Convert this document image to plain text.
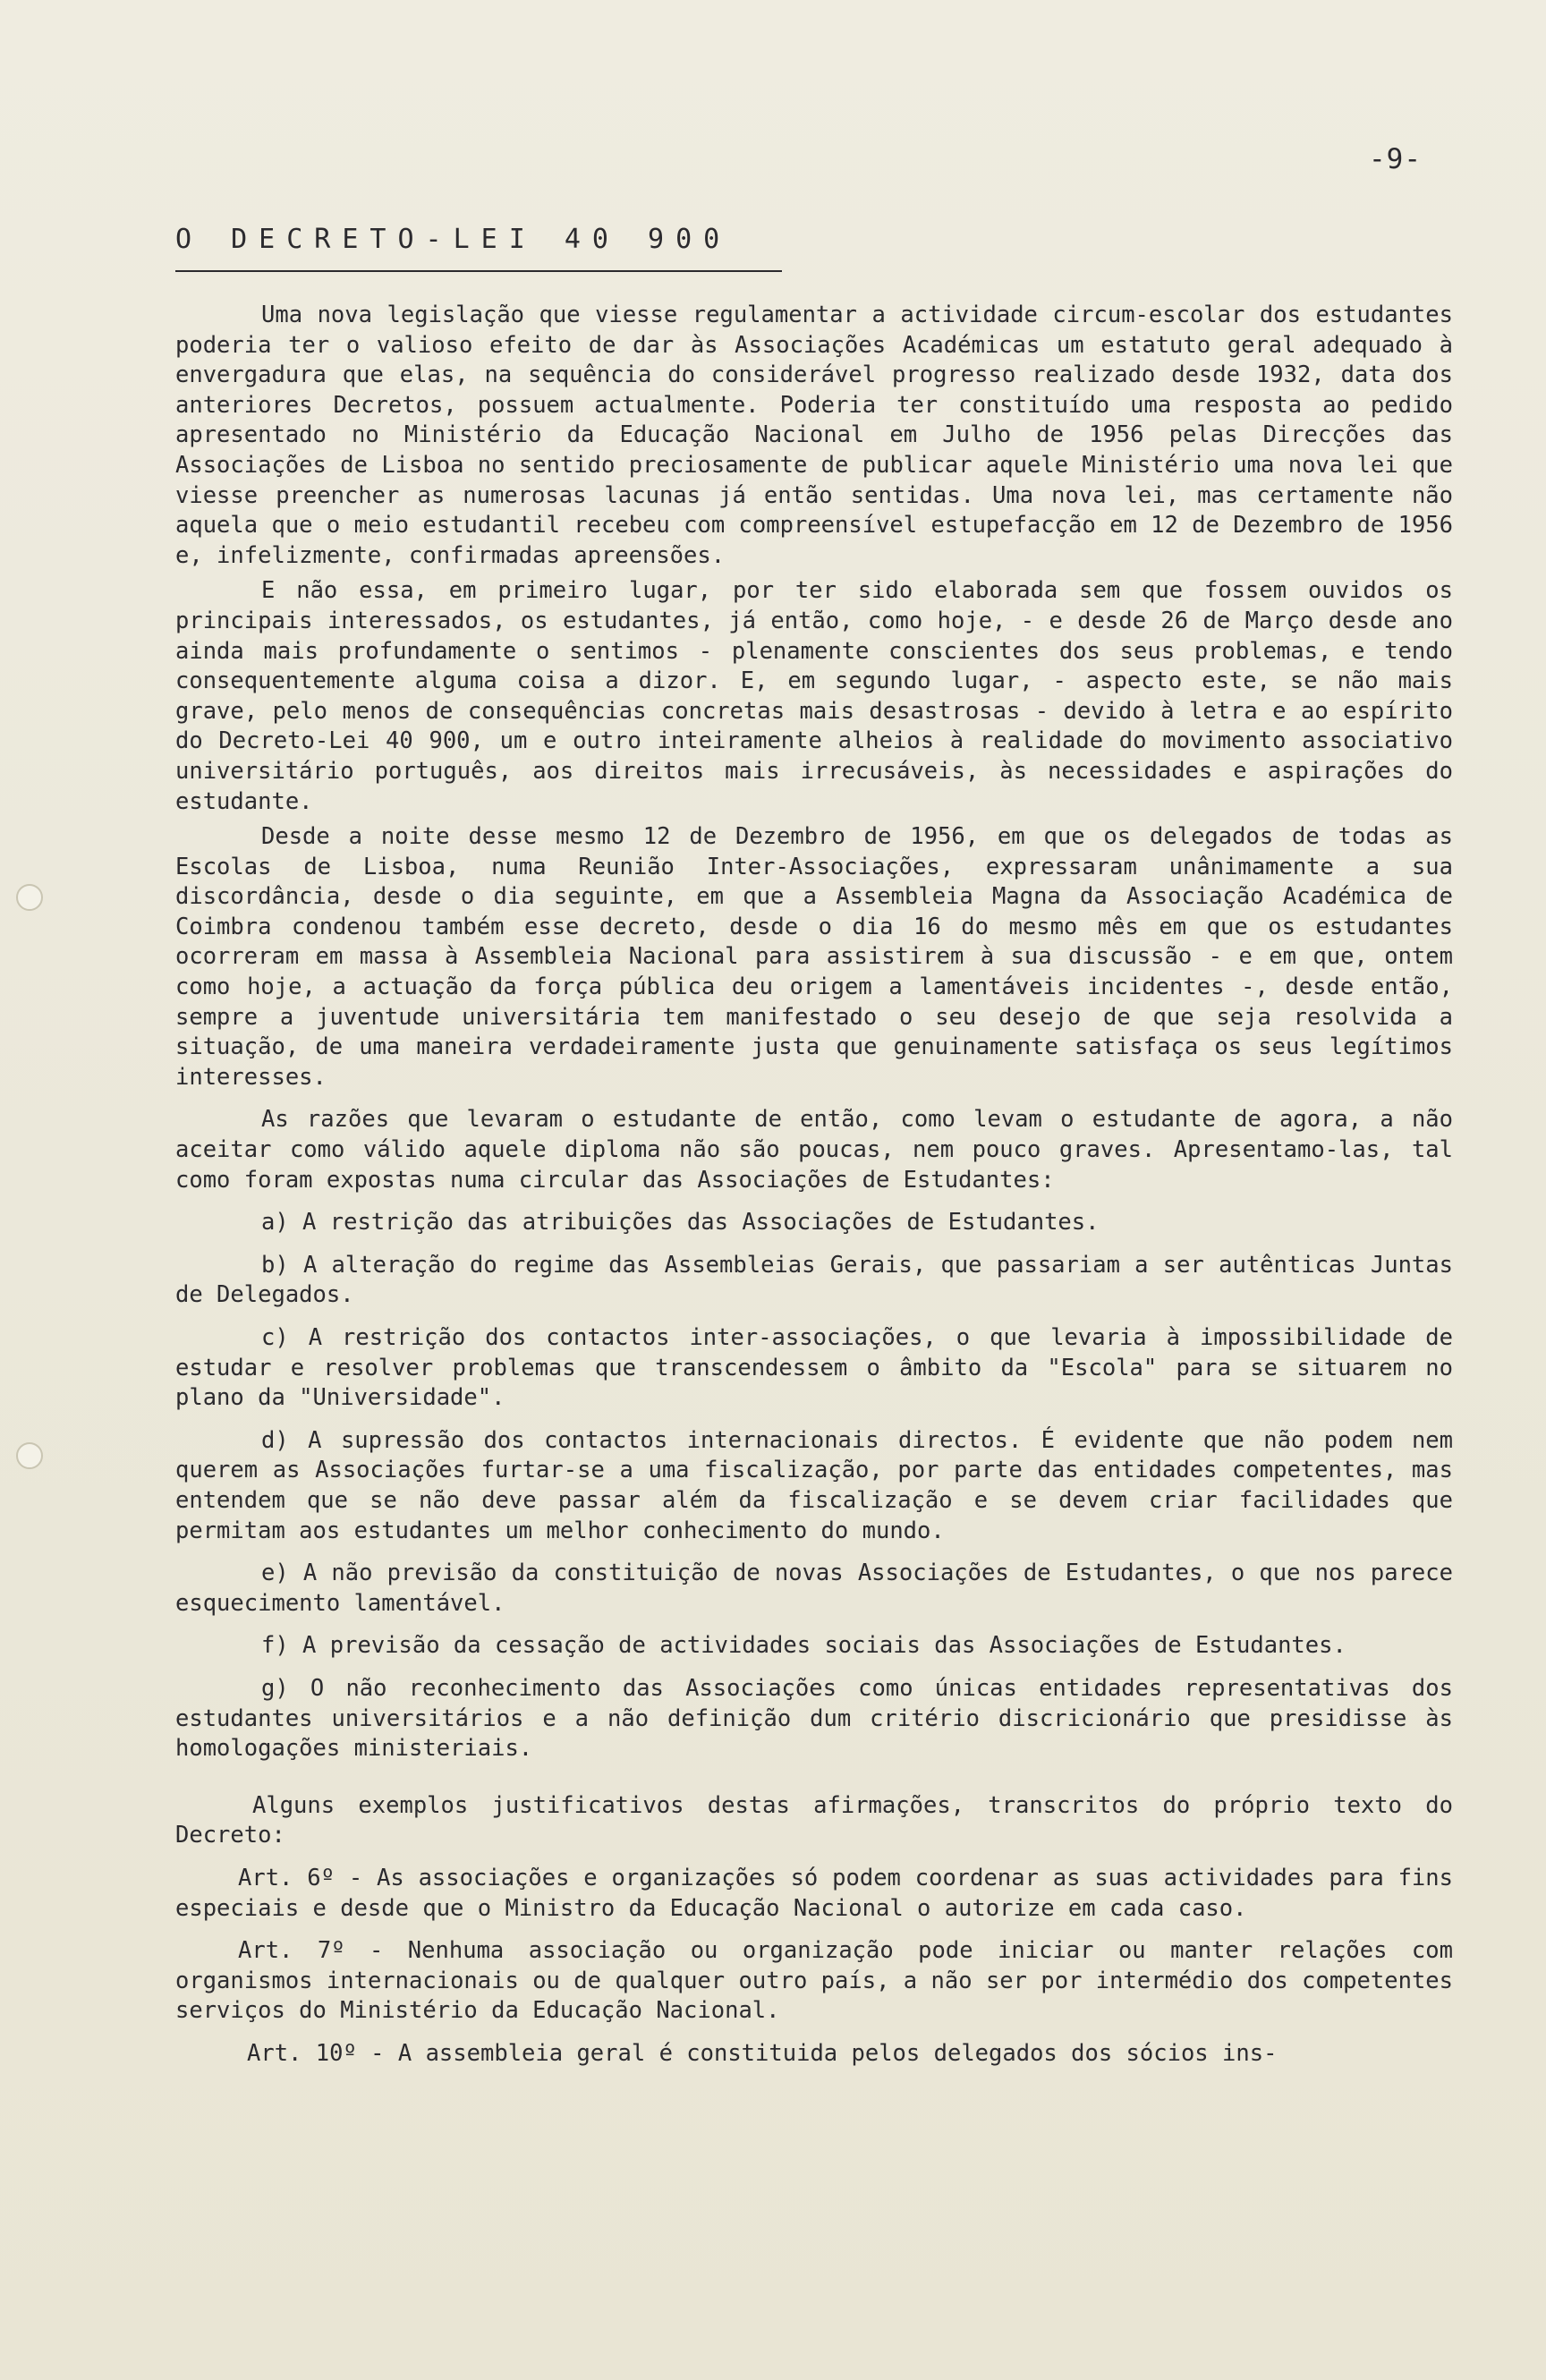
-9-
O DECRETO-LEI 40 900

Uma nova legislação que viesse regulamentar a actividade circum-escolar dos estudantes poderia ter o valioso efeito de dar às Associações Académicas um estatuto geral adequado à envergadura que elas, na sequência do considerável progresso realizado desde 1932, data dos anteriores Decretos, possuem actualmente. Poderia ter constituído uma resposta ao pedido apresentado no Ministério da Educação Nacional em Julho de 1956 pelas Direcções das Associações de Lisboa no sentido preciosamente de publicar aquele Ministério uma nova lei que viesse preencher as numerosas lacunas já então sentidas. Uma nova lei, mas certamente não aquela que o meio estudantil recebeu com compreensível estupefacção em 12 de Dezembro de 1956 e, infelizmente, confirmadas apreensões.

E não essa, em primeiro lugar, por ter sido elaborada sem que fossem ouvidos os principais interessados, os estudantes, já então, como hoje, - e desde 26 de Março desde ano ainda mais profundamente o sentimos - plenamente conscientes dos seus problemas, e tendo consequentemente alguma coisa a dizor. E, em segundo lugar, - aspecto este, se não mais grave, pelo menos de consequências concretas mais desastrosas - devido à letra e ao espírito do Decreto-Lei 40 900, um e outro inteiramente alheios à realidade do movimento associativo universitário português, aos direitos mais irrecusáveis, às necessidades e aspirações do estudante.

Desde a noite desse mesmo 12 de Dezembro de 1956, em que os delegados de todas as Escolas de Lisboa, numa Reunião Inter-Associações, expressaram unânimamente a sua discordância, desde o dia seguinte, em que a Assembleia Magna da Associação Académica de Coimbra condenou também esse decreto, desde o dia 16 do mesmo mês em que os estudantes ocorreram em massa à Assembleia Nacional para assistirem à sua discussão - e em que, ontem como hoje, a actuação da força pública deu origem a lamentáveis incidentes -, desde então, sempre a juventude universitária tem manifestado o seu desejo de que seja resolvida a situação, de uma maneira verdadeiramente justa que genuinamente satisfaça os seus legítimos interesses.

As razões que levaram o estudante de então, como levam o estudante de agora, a não aceitar como válido aquele diploma não são poucas, nem pouco graves. Apresentamo-las, tal como foram expostas numa circular das Associações de Estudantes:

a) A restrição das atribuições das Associações de Estudantes.

b) A alteração do regime das Assembleias Gerais, que passariam a ser autênticas Juntas de Delegados.

c) A restrição dos contactos inter-associações, o que levaria à impossibilidade de estudar e resolver problemas que transcendessem o âmbito da "Escola" para se situarem no plano da "Universidade".

d) A supressão dos contactos internacionais directos. É evidente que não podem nem querem as Associações furtar-se a uma fiscalização, por parte das entidades competentes, mas entendem que se não deve passar além da fiscalização e se devem criar facilidades que permitam aos estudantes um melhor conhecimento do mundo.

e) A não previsão da constituição de novas Associações de Estudantes, o que nos parece esquecimento lamentável.

f) A previsão da cessação de actividades sociais das Associações de Estudantes.

g) O não reconhecimento das Associações como únicas entidades representativas dos estudantes universitários e a não definição dum critério discricionário que presidisse às homologações ministeriais.

Alguns exemplos justificativos destas afirmações, transcritos do próprio texto do Decreto:

Art. 6º - As associações e organizações só podem coordenar as suas actividades para fins especiais e desde que o Ministro da Educação Nacional o autorize em cada caso.

Art. 7º - Nenhuma associação ou organização pode iniciar ou manter relações com organismos internacionais ou de qualquer outro país, a não ser por intermédio dos competentes serviços do Ministério da Educação Nacional.

Art. 10º - A assembleia geral é constituida pelos delegados dos sócios ins-
